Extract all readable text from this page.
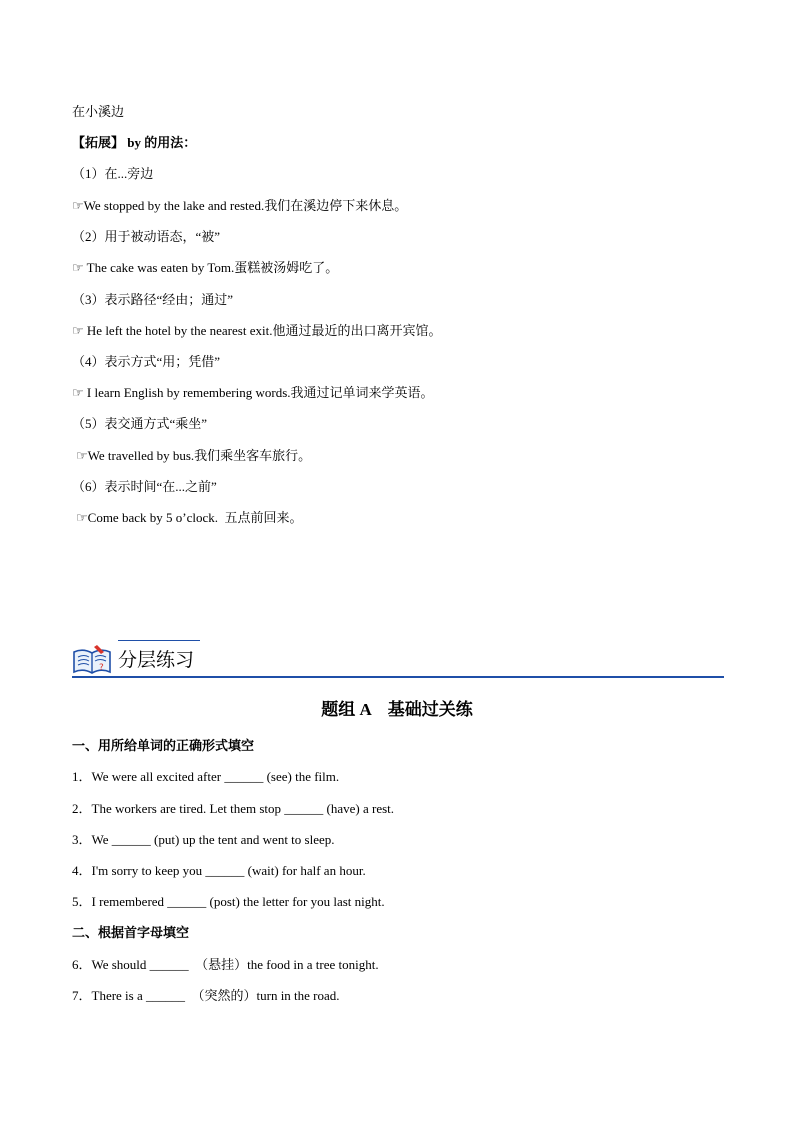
在小溪边
【拓展】 by 的用法：
（1）在...旁边
☞We stopped by the lake and rested.我们在溪边停下来休息。
（2）用于被动语态，“被”
☞ The cake was eaten by Tom.蛋糕被汤姆吃了。
（3）表示路径“经由；通过”
☞ He left the hotel by the nearest exit.他通过最近的出口离开宾馆。
（4）表示方式“用；凭借”
☞ I learn English by remembering words.我通过记单词来学英语。
（5）表交通方式“乘坐”
☞We travelled by bus.我们乘坐客车旅行。
（6）表示时间“在...之前”
☞Come back by 5 o’clock.  五点前回来。
? 分层练习
题组 A    基础过关练
一、用所给单词的正确形式填空
1．We were all excited after ______ (see) the film.
2．The workers are tired. Let them stop ______ (have) a rest.
3．We ______ (put) up the tent and went to sleep.
4．I'm sorry to keep you ______ (wait) for half an hour.
5．I remembered ______ (post) the letter for you last night.
二、根据首字母填空
6．We should ______  （悬挂）the food in a tree tonight.
7．There is a ______  （突然的）turn in the road.
